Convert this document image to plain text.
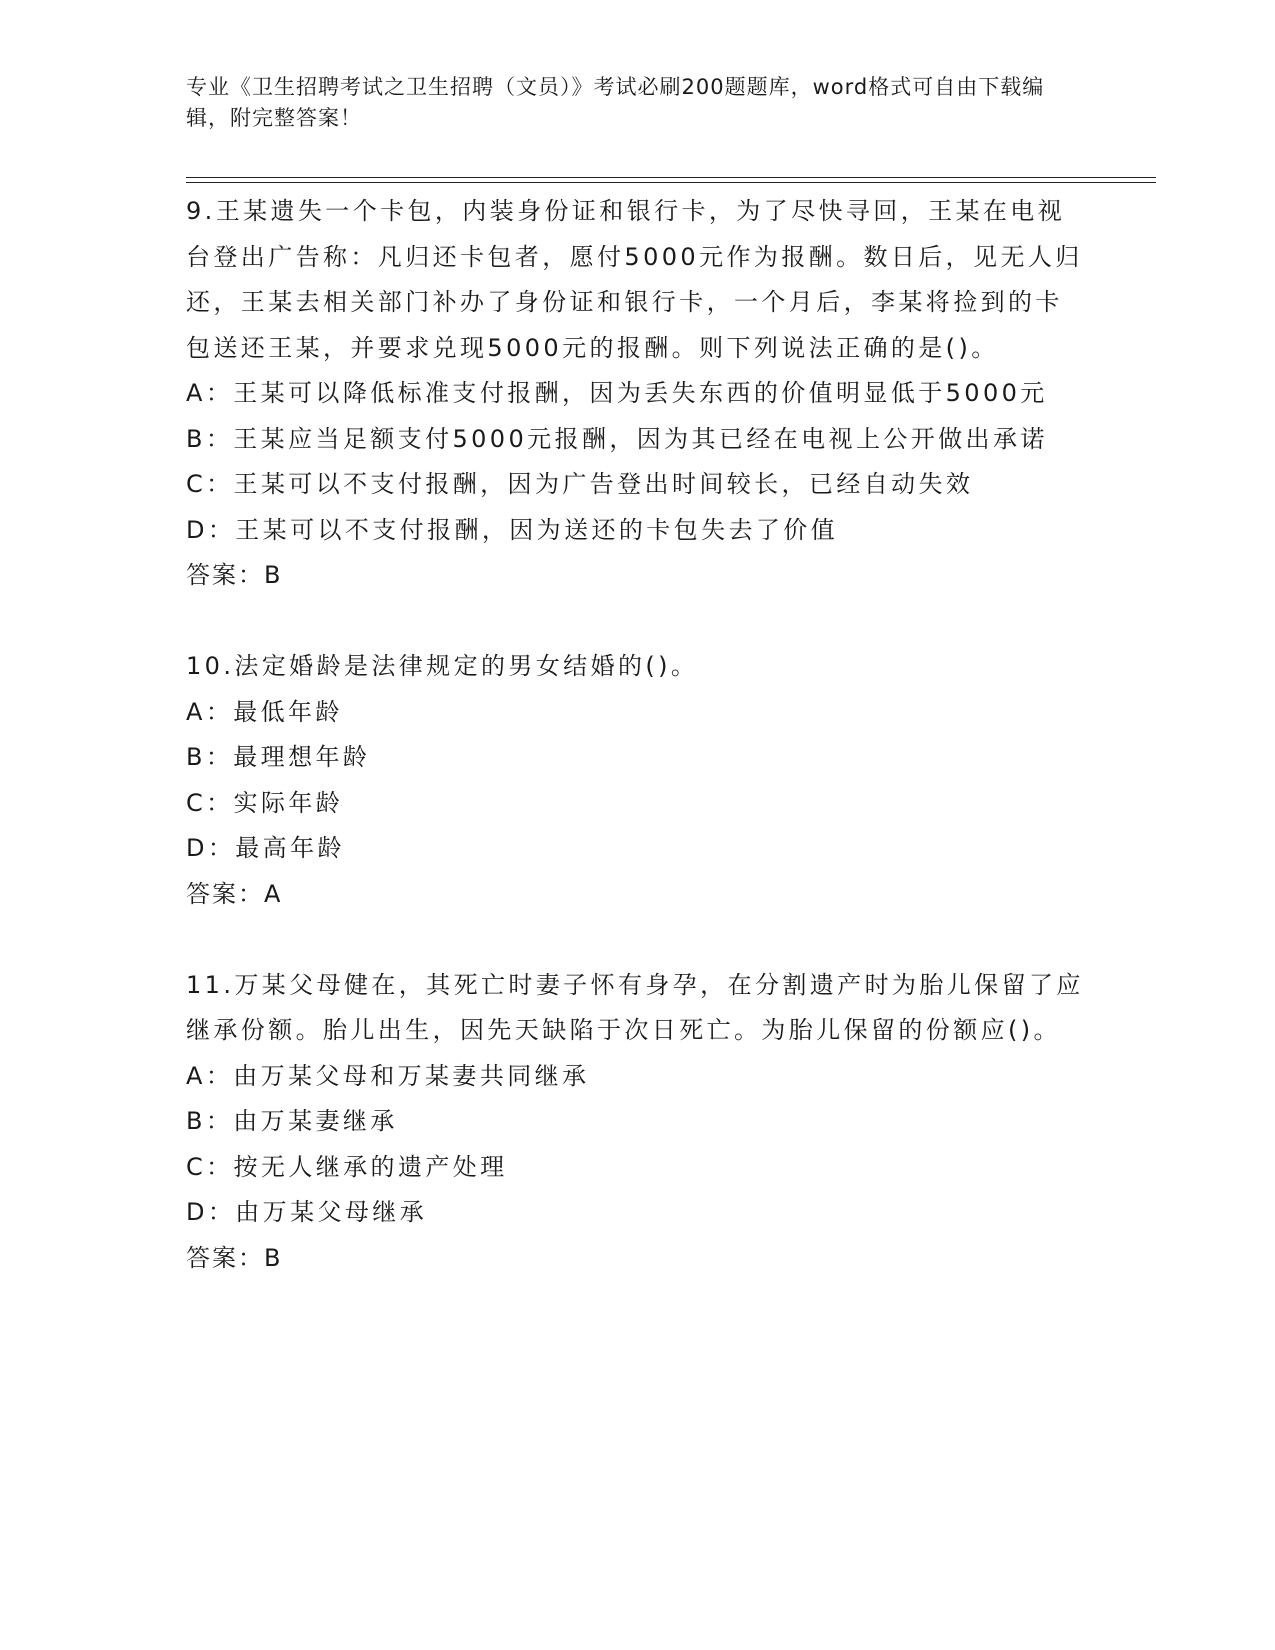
专业《卫生招聘考试之卫生招聘（文员）》考试必刷200题题库，word格式可自由下载编辑，附完整答案！

9.王某遗失一个卡包，内装身份证和银行卡，为了尽快寻回，王某在电视台登出广告称：凡归还卡包者，愿付5000元作为报酬。数日后，见无人归还，王某去相关部门补办了身份证和银行卡，一个月后，李某将捡到的卡包送还王某，并要求兑现5000元的报酬。则下列说法正确的是()。

A：王某可以降低标准支付报酬，因为丢失东西的价值明显低于5000元

B：王某应当足额支付5000元报酬，因为其已经在电视上公开做出承诺

C：王某可以不支付报酬，因为广告登出时间较长，已经自动失效

D：王某可以不支付报酬，因为送还的卡包失去了价值

答案：B

10.法定婚龄是法律规定的男女结婚的()。

A：最低年龄

B：最理想年龄

C：实际年龄

D：最高年龄

答案：A

11.万某父母健在，其死亡时妻子怀有身孕，在分割遗产时为胎儿保留了应继承份额。胎儿出生，因先天缺陷于次日死亡。为胎儿保留的份额应()。

A：由万某父母和万某妻共同继承

B：由万某妻继承

C：按无人继承的遗产处理

D：由万某父母继承

答案：B
